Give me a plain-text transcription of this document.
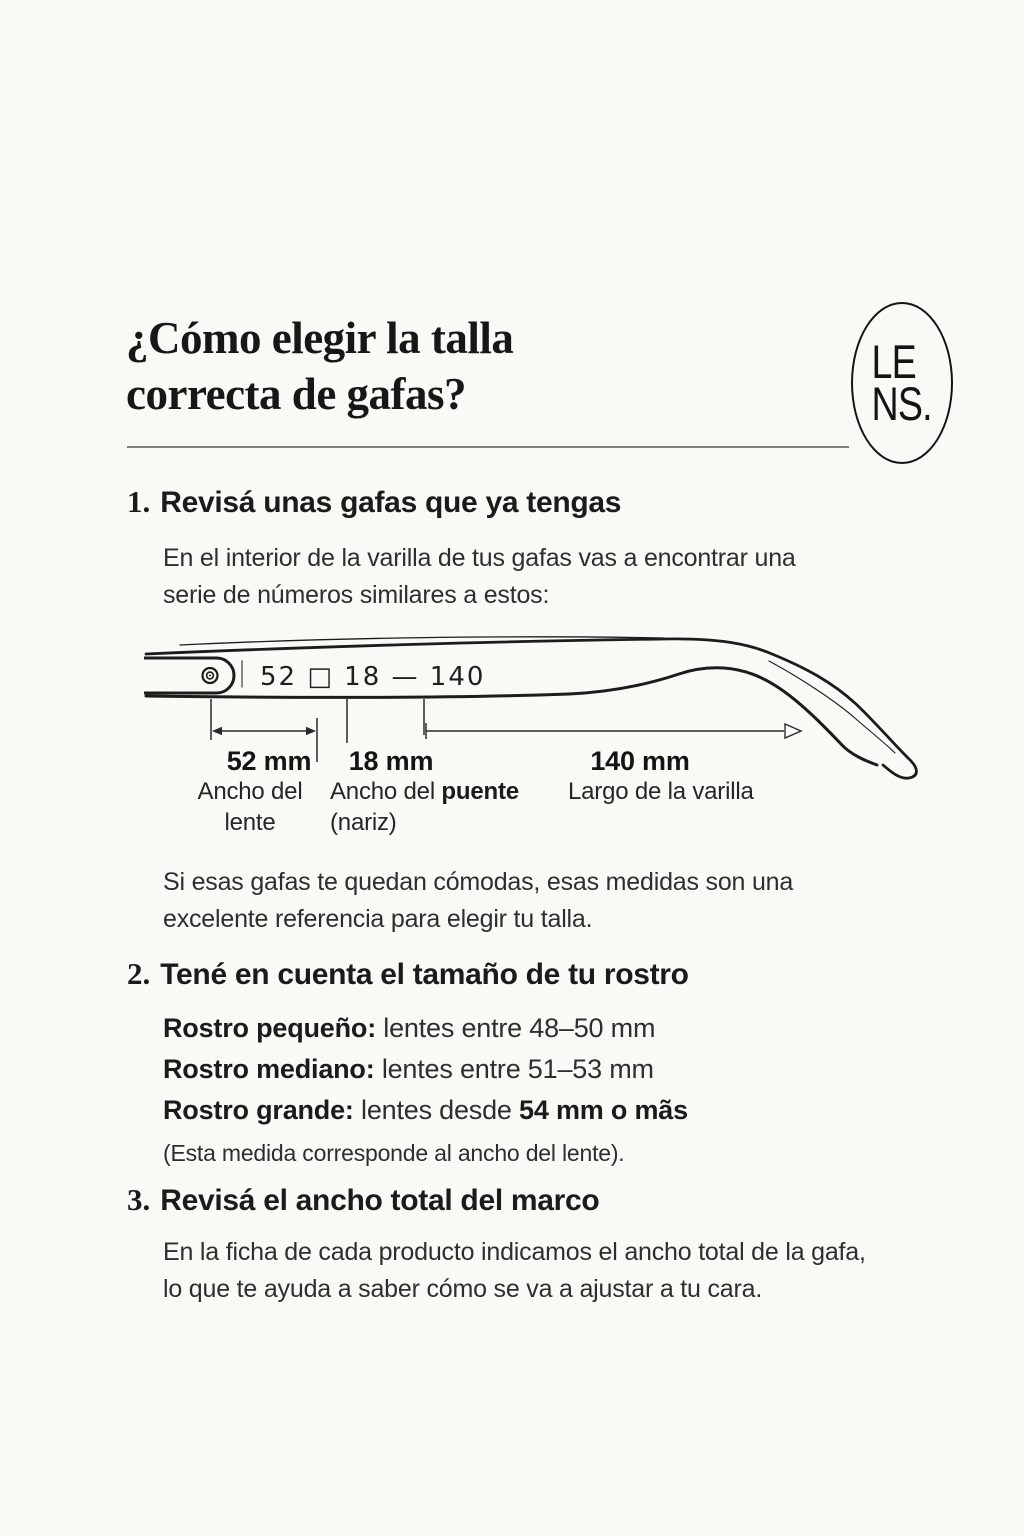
¿Cómo elegir la talla
correcta de gafas?
LE
NS.
1. Revisá unas gafas que ya tengas
En el interior de la varilla de tus gafas vas a encontrar una
serie de números similares a estos:
52 □ 18 — 140
52 mm	18 mm	140 mm
Ancho del
lente
Ancho del puente
(nariz)
Largo de la varilla
Si esas gafas te quedan cómodas, esas medidas son una
excelente referencia para elegir tu talla.
2. Tené en cuenta el tamaño de tu rostro
Rostro pequeño: lentes entre 48–50 mm
Rostro mediano: lentes entre 51–53 mm
Rostro grande: lentes desde 54 mm o mãs
(Esta medida corresponde al ancho del lente).
3. Revisá el ancho total del marco
En la ficha de cada producto indicamos el ancho total de la gafa,
lo que te ayuda a saber cómo se va a ajustar a tu cara.
